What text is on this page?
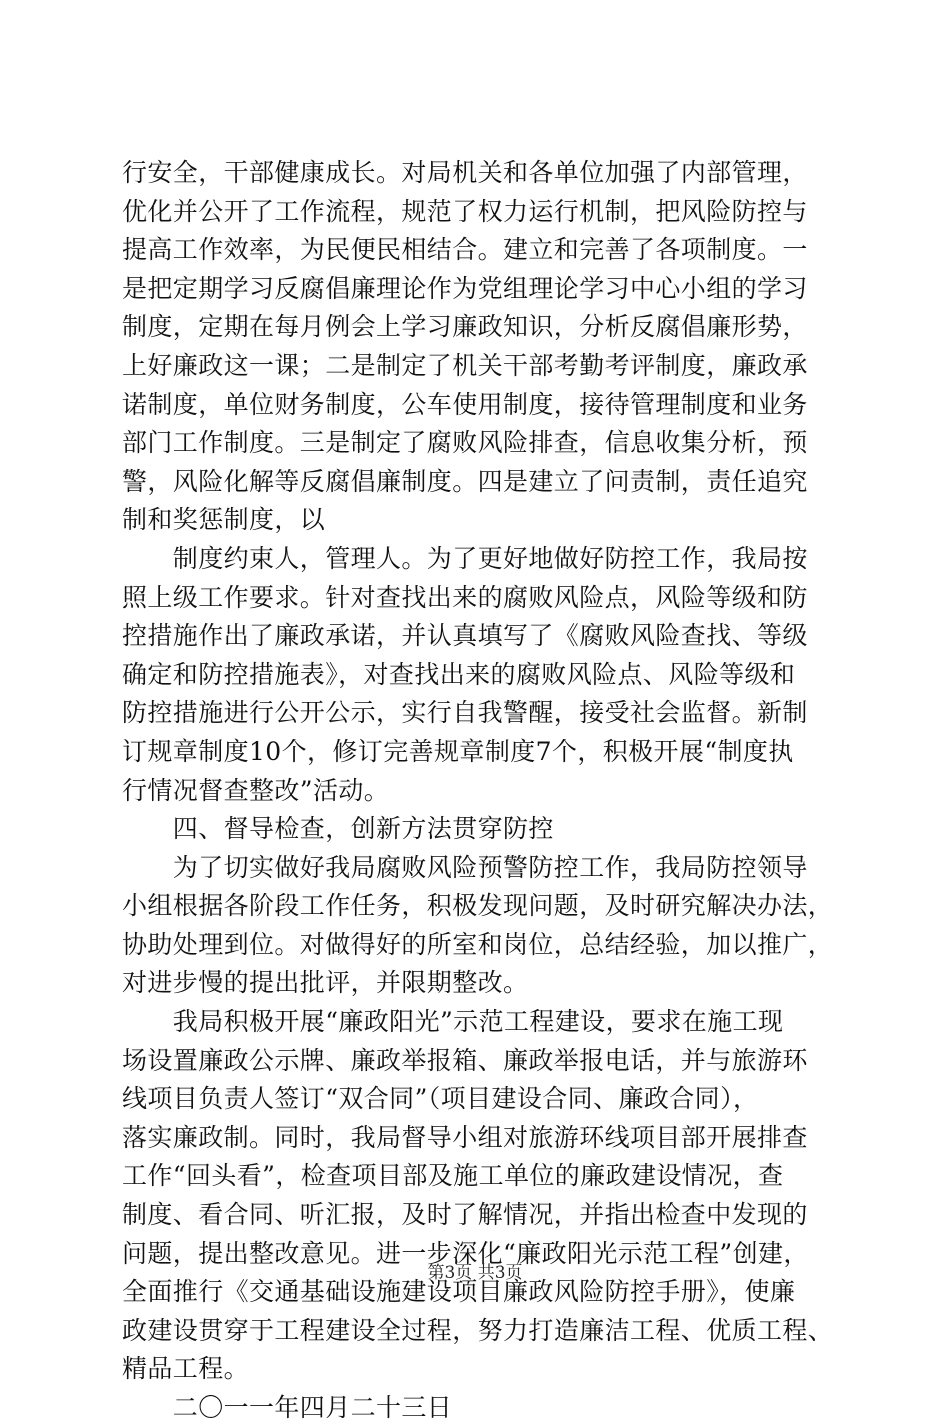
行安全，干部健康成长。对局机关和各单位加强了内部管理，
优化并公开了工作流程，规范了权力运行机制，把风险防控与
提高工作效率，为民便民相结合。建立和完善了各项制度。一
是把定期学习反腐倡廉理论作为党组理论学习中心小组的学习
制度，定期在每月例会上学习廉政知识，分析反腐倡廉形势，
上好廉政这一课；二是制定了机关干部考勤考评制度，廉政承
诺制度，单位财务制度，公车使用制度，接待管理制度和业务
部门工作制度。三是制定了腐败风险排查，信息收集分析，预
警，风险化解等反腐倡廉制度。四是建立了问责制，责任追究
制和奖惩制度，以
　　制度约束人，管理人。为了更好地做好防控工作，我局按
照上级工作要求。针对查找出来的腐败风险点，风险等级和防
控措施作出了廉政承诺，并认真填写了《腐败风险查找、等级
确定和防控措施表》，对查找出来的腐败风险点、风险等级和
防控措施进行公开公示，实行自我警醒，接受社会监督。新制
订规章制度10个，修订完善规章制度7个，积极开展“制度执
行情况督查整改”活动。
　　四、督导检查，创新方法贯穿防控
　　为了切实做好我局腐败风险预警防控工作，我局防控领导
小组根据各阶段工作任务，积极发现问题，及时研究解决办法，
协助处理到位。对做得好的所室和岗位，总结经验，加以推广，
对进步慢的提出批评，并限期整改。
　　我局积极开展“廉政阳光”示范工程建设，要求在施工现
场设置廉政公示牌、廉政举报箱、廉政举报电话，并与旅游环
线项目负责人签订“双合同”（项目建设合同、廉政合同），
落实廉政制。同时，我局督导小组对旅游环线项目部开展排查
工作“回头看”，检查项目部及施工单位的廉政建设情况，查
制度、看合同、听汇报，及时了解情况，并指出检查中发现的
问题，提出整改意见。进一步深化“廉政阳光示范工程”创建，
全面推行《交通基础设施建设项目廉政风险防控手册》，使廉
政建设贯穿于工程建设全过程，努力打造廉洁工程、优质工程、
精品工程。
　　二〇一一年四月二十三日
第3页 共3页
